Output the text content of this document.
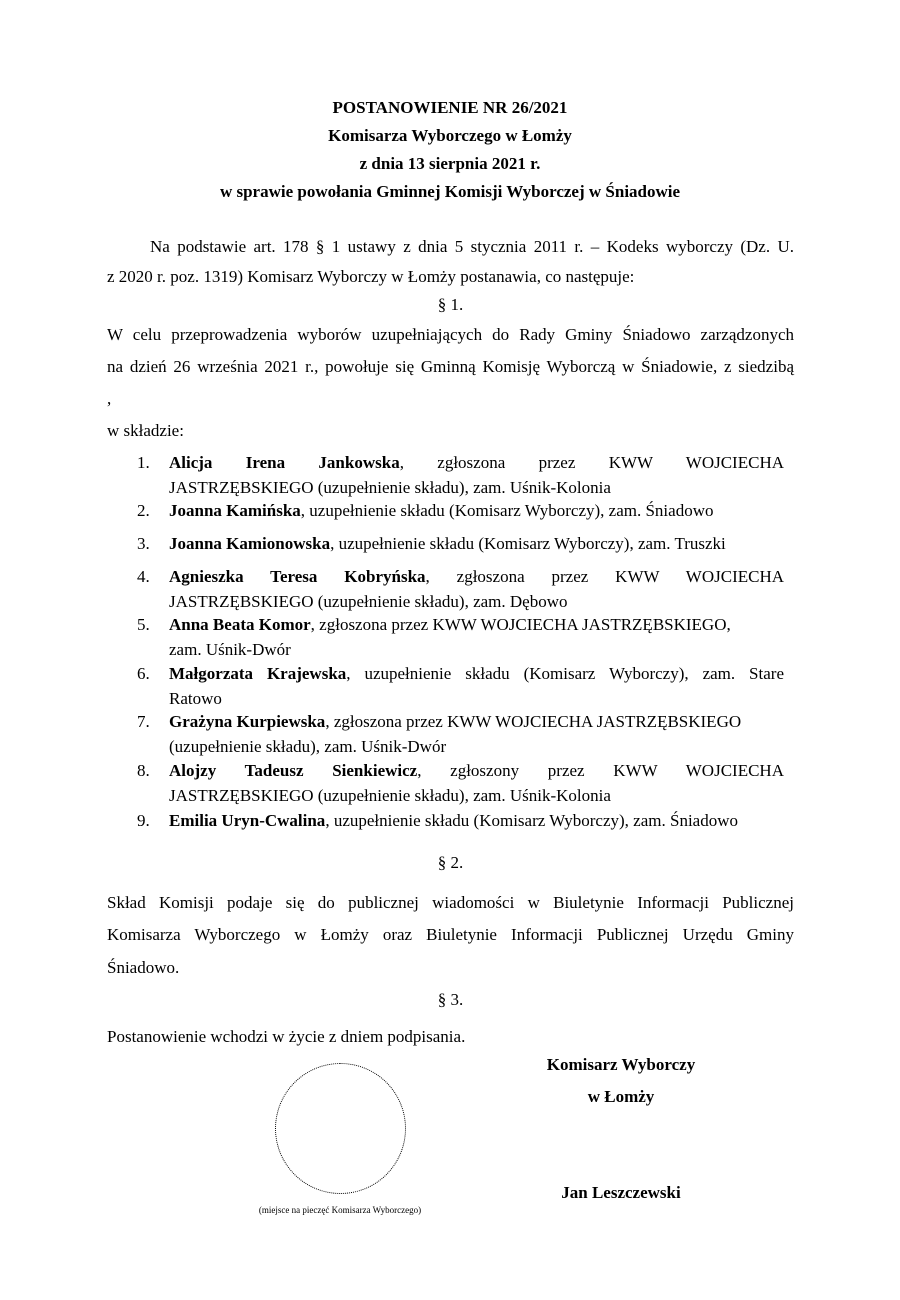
POSTANOWIENIE NR 26/2021
Komisarza Wyborczego w Łomży
z dnia 13 sierpnia 2021 r.
w sprawie powołania Gminnej Komisji Wyborczej w Śniadowie
Na podstawie art. 178 § 1 ustawy z dnia 5 stycznia 2011 r. – Kodeks wyborczy (Dz. U.
z 2020 r. poz. 1319) Komisarz Wyborczy w Łomży postanawia, co następuje:
§ 1.
W celu przeprowadzenia wyborów uzupełniających do Rady Gminy Śniadowo zarządzonych
na dzień 26 września 2021 r., powołuje się Gminną Komisję Wyborczą w Śniadowie, z siedzibą
,
w składzie:
1. Alicja Irena Jankowska, zgłoszona przez KWW WOJCIECHA
JASTRZĘBSKIEGO (uzupełnienie składu), zam. Uśnik-Kolonia
2. Joanna Kamińska, uzupełnienie składu (Komisarz Wyborczy), zam. Śniadowo
3. Joanna Kamionowska, uzupełnienie składu (Komisarz Wyborczy), zam. Truszki
4. Agnieszka Teresa Kobryńska, zgłoszona przez KWW WOJCIECHA
JASTRZĘBSKIEGO (uzupełnienie składu), zam. Dębowo
5. Anna Beata Komor, zgłoszona przez KWW WOJCIECHA JASTRZĘBSKIEGO,
zam. Uśnik-Dwór
6. Małgorzata Krajewska, uzupełnienie składu (Komisarz Wyborczy), zam. Stare
Ratowo
7. Grażyna Kurpiewska, zgłoszona przez KWW WOJCIECHA JASTRZĘBSKIEGO
(uzupełnienie składu), zam. Uśnik-Dwór
8. Alojzy Tadeusz Sienkiewicz, zgłoszony przez KWW WOJCIECHA
JASTRZĘBSKIEGO (uzupełnienie składu), zam. Uśnik-Kolonia
9. Emilia Uryn-Cwalina, uzupełnienie składu (Komisarz Wyborczy), zam. Śniadowo
§ 2.
Skład Komisji podaje się do publicznej wiadomości w Biuletynie Informacji Publicznej
Komisarza Wyborczego w Łomży oraz Biuletynie Informacji Publicznej Urzędu Gminy
Śniadowo.
§ 3.
Postanowienie wchodzi w życie z dniem podpisania.
Komisarz Wyborczy
w Łomży
Jan Leszczewski
(miejsce na pieczęć Komisarza Wyborczego)
